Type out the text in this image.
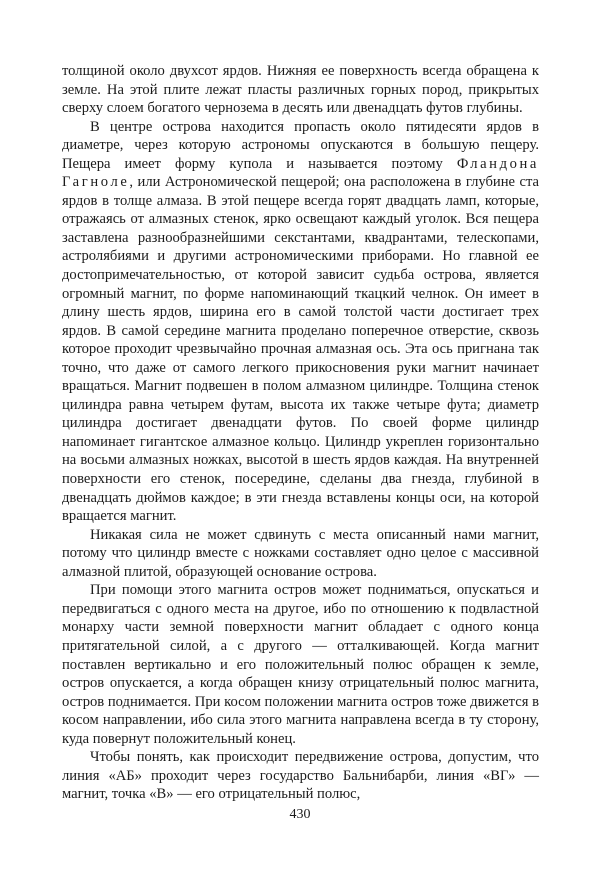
толщиной около двухсот ярдов. Нижняя ее поверхность всегда обращена к земле. На этой плите лежат пласты различных горных пород, прикрытых сверху слоем богатого чернозема в десять или двенадцать футов глубины.

В центре острова находится пропасть около пятидесяти ярдов в диаметре, через которую астрономы опускаются в большую пещеру. Пещера имеет форму купола и называется поэтому Фландона Гагноле, или Астрономической пещерой; она расположена в глубине ста ярдов в толще алмаза. В этой пещере всегда горят двадцать ламп, которые, отражаясь от алмазных стенок, ярко освещают каждый уголок. Вся пещера заставлена разнообразнейшими секстантами, квадрантами, телескопами, астролябиями и другими астрономическими приборами. Но главной ее достопримечательностью, от которой зависит судьба острова, является огромный магнит, по форме напоминающий ткацкий челнок. Он имеет в длину шесть ярдов, ширина его в самой толстой части достигает трех ярдов. В самой середине магнита проделано поперечное отверстие, сквозь которое проходит чрезвычайно прочная алмазная ось. Эта ось пригнана так точно, что даже от самого легкого прикосновения руки магнит начинает вращаться. Магнит подвешен в полом алмазном цилиндре. Толщина стенок цилиндра равна четырем футам, высота их также четыре фута; диаметр цилиндра достигает двенадцати футов. По своей форме цилиндр напоминает гигантское алмазное кольцо. Цилиндр укреплен горизонтально на восьми алмазных ножках, высотой в шесть ярдов каждая. На внутренней поверхности его стенок, посередине, сделаны два гнезда, глубиной в двенадцать дюймов каждое; в эти гнезда вставлены концы оси, на которой вращается магнит.

Никакая сила не может сдвинуть с места описанный нами магнит, потому что цилиндр вместе с ножками составляет одно целое с массивной алмазной плитой, образующей основание острова.

При помощи этого магнита остров может подниматься, опускаться и передвигаться с одного места на другое, ибо по отношению к подвластной монарху части земной поверхности магнит обладает с одного конца притягательной силой, а с другого — отталкивающей. Когда магнит поставлен вертикально и его положительный полюс обращен к земле, остров опускается, а когда обращен книзу отрицательный полюс магнита, остров поднимается. При косом положении магнита остров тоже движется в косом направлении, ибо сила этого магнита направлена всегда в ту сторону, куда повернут положительный конец.

Чтобы понять, как происходит передвижение острова, допустим, что линия «АБ» проходит через государство Бальнибарби, линия «ВГ» — магнит, точка «В» — его отрицательный полюс,

430
